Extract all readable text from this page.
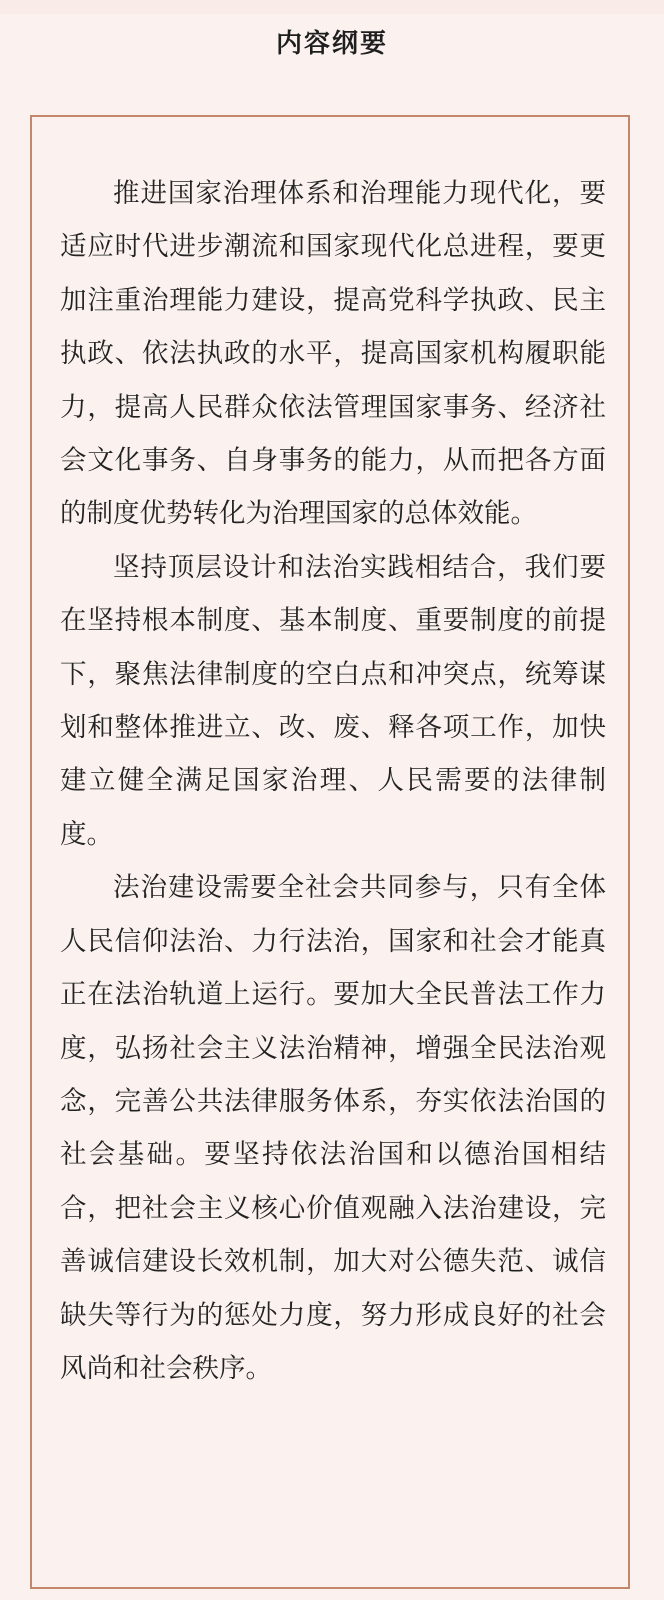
内容纲要

推进国家治理体系和治理能力现代化，要适应时代进步潮流和国家现代化总进程，要更加注重治理能力建设，提高党科学执政、民主执政、依法执政的水平，提高国家机构履职能力，提高人民群众依法管理国家事务、经济社会文化事务、自身事务的能力，从而把各方面的制度优势转化为治理国家的总体效能。

坚持顶层设计和法治实践相结合，我们要在坚持根本制度、基本制度、重要制度的前提下，聚焦法律制度的空白点和冲突点，统筹谋划和整体推进立、改、废、释各项工作，加快建立健全满足国家治理、人民需要的法律制度。

法治建设需要全社会共同参与，只有全体人民信仰法治、力行法治，国家和社会才能真正在法治轨道上运行。要加大全民普法工作力度，弘扬社会主义法治精神，增强全民法治观念，完善公共法律服务体系，夯实依法治国的社会基础。要坚持依法治国和以德治国相结合，把社会主义核心价值观融入法治建设，完善诚信建设长效机制，加大对公德失范、诚信缺失等行为的惩处力度，努力形成良好的社会风尚和社会秩序。
